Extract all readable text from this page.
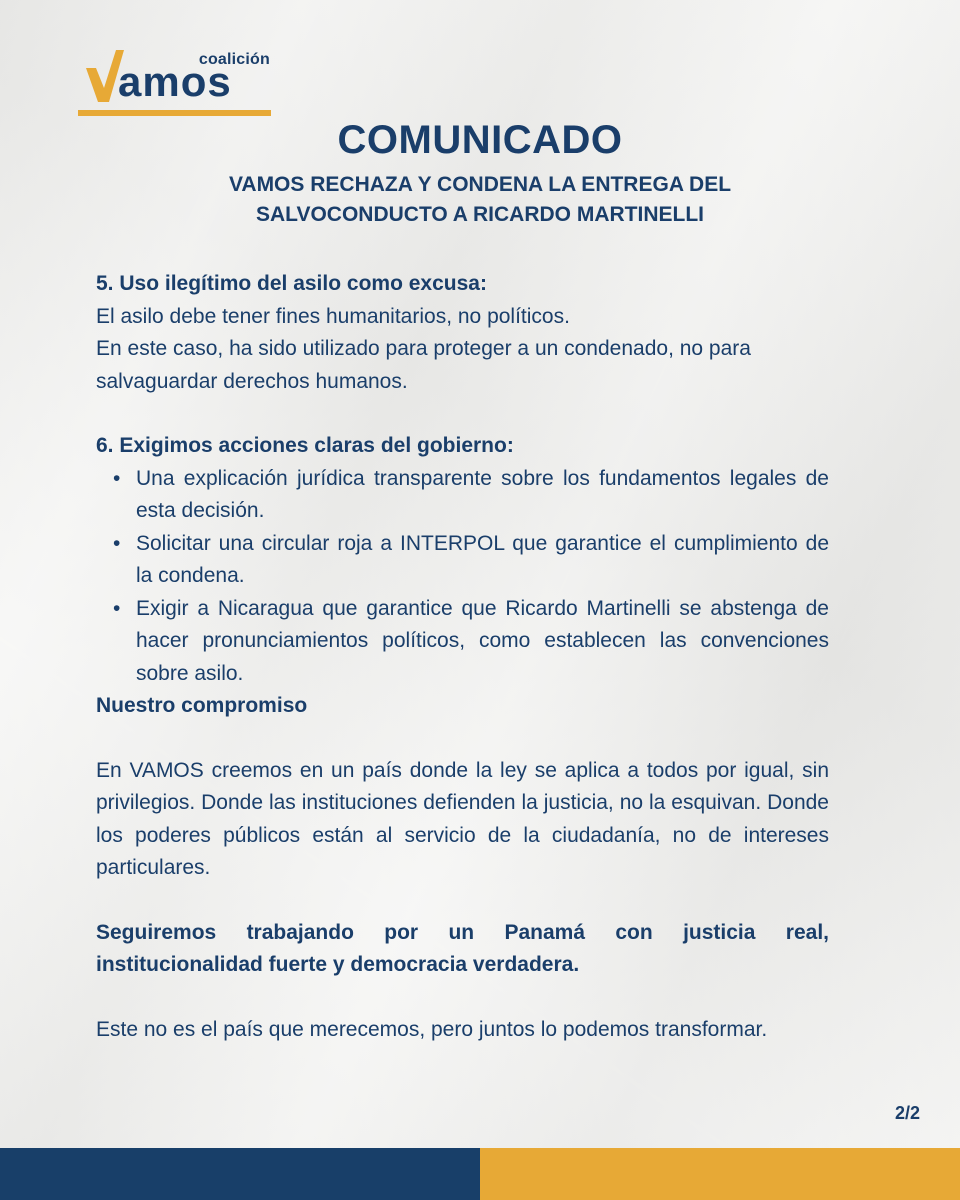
coalición
amos
COMUNICADO
VAMOS RECHAZA Y CONDENA LA ENTREGA DEL
SALVOCONDUCTO A RICARDO MARTINELLI

5. Uso ilegítimo del asilo como excusa:

El asilo debe tener fines humanitarios, no políticos.

En este caso, ha sido utilizado para proteger a un condenado, no para salvaguardar derechos humanos.

6. Exigimos acciones claras del gobierno:

• Una explicación jurídica transparente sobre los fundamentos legales de esta decisión.
• Solicitar una circular roja a INTERPOL que garantice el cumplimiento de la condena.
• Exigir a Nicaragua que garantice que Ricardo Martinelli se abstenga de hacer pronunciamientos políticos, como establecen las convenciones sobre asilo.

Nuestro compromiso

En VAMOS creemos en un país donde la ley se aplica a todos por igual, sin privilegios. Donde las instituciones defienden la justicia, no la esquivan. Donde los poderes públicos están al servicio de la ciudadanía, no de intereses particulares.

Seguiremos trabajando por un Panamá con justicia real, institucionalidad fuerte y democracia verdadera.

Este no es el país que merecemos, pero juntos lo podemos transformar.

2/2
